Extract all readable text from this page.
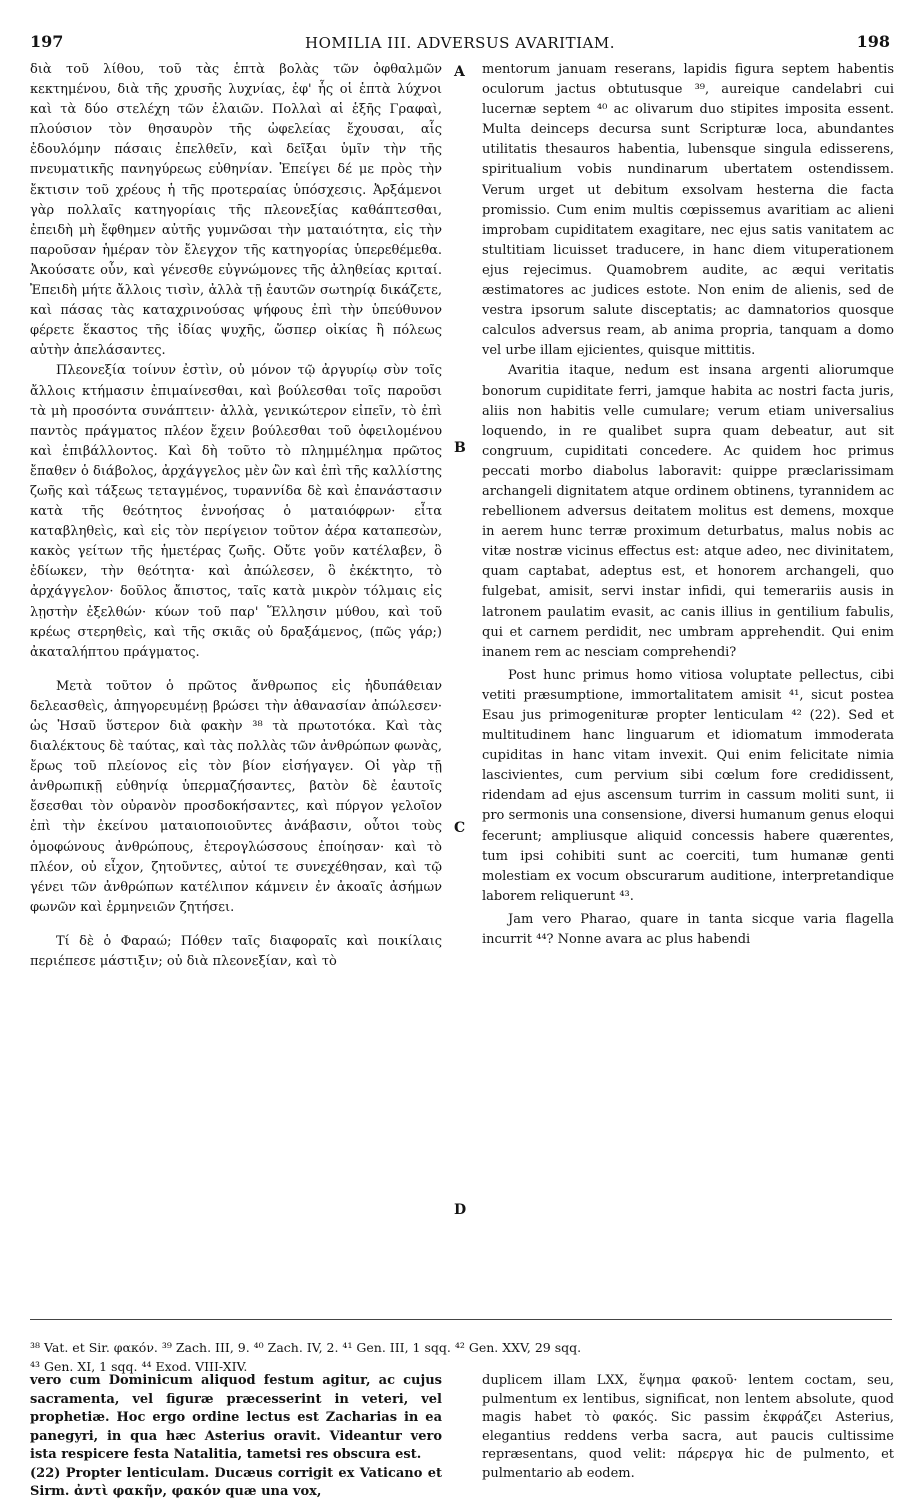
197	HOMILIA III. ADVERSUS AVARITIAM.	198

διὰ τοῦ λίθου, τοῦ τὰς ἑπτὰ βολὰς τῶν ὀφθαλμῶν κεκτημένου, διὰ τῆς χρυσῆς λυχνίας, ἐφ' ἧς οἱ ἑπτὰ λύχνοι καὶ τὰ δύο στελέχη τῶν ἐλαιῶν. Πολλαὶ αἱ ἑξῆς Γραφαὶ, πλούσιον τὸν θησαυρὸν τῆς ὠφελείας ἔχουσαι, αἷς ἐδουλόμην πάσαις ἐπελθεῖν, καὶ δεῖξαι ὑμῖν τὴν τῆς πνευματικῆς πανηγύρεως εὐθηνίαν. Ἐπείγει δέ με πρὸς τὴν ἔκτισιν τοῦ χρέους ἡ τῆς προτεραίας ὑπόσχεσις. Ἀρξάμενοι γὰρ πολλαῖς κατηγορίαις τῆς πλεονεξίας καθάπτεσθαι, ἐπειδὴ μὴ ἔφθημεν αὐτῆς γυμνῶσαι τὴν ματαιότητα, εἰς τὴν παροῦσαν ἡμέραν τὸν ἔλεγχον τῆς κατηγορίας ὑπερεθέμεθα. Ἀκούσατε οὖν, καὶ γένεσθε εὐγνώμονες τῆς ἀληθείας κριταί. Ἐπειδὴ μήτε ἄλλοις τισὶν, ἀλλὰ τῇ ἑαυτῶν σωτηρίᾳ δικάζετε, καὶ πάσας τὰς καταχρινούσας ψήφους ἐπὶ τὴν ὑπεύθυνον φέρετε ἕκαστος τῆς ἰδίας ψυχῆς, ὥσπερ οἰκίας ἢ πόλεως αὐτὴν ἀπελάσαντες.

Πλεονεξία τοίνυν ἐστὶν, οὐ μόνον τῷ ἀργυρίῳ σὺν τοῖς ἄλλοις κτήμασιν ἐπιμαίνεσθαι, καὶ βούλεσθαι τοῖς παροῦσι τὰ μὴ προσόντα συνάπτειν· ἀλλὰ, γενικώτερον εἰπεῖν, τὸ ἐπὶ παντὸς πράγματος πλέον ἔχειν βούλεσθαι τοῦ ὀφειλομένου καὶ ἐπιβάλλοντος. Καὶ δὴ τοῦτο τὸ πλημμέλημα πρῶτος ἔπαθεν ὁ διάβολος, ἀρχάγγελος μὲν ὢν καὶ ἐπὶ τῆς καλλίστης ζωῆς καὶ τάξεως τεταγμένος, τυραννίδα δὲ καὶ ἐπανάστασιν κατὰ τῆς θεότητος ἐννοήσας ὁ ματαιόφρων· εἶτα καταβληθεὶς, καὶ εἰς τὸν περίγειον τοῦτον ἀέρα καταπεσὼν, κακὸς γείτων τῆς ἡμετέρας ζωῆς. Οὔτε γοῦν κατέλαβεν, ὃ ἐδίωκεν, τὴν θεότητα· καὶ ἀπώλεσεν, ὃ ἐκέκτητο, τὸ ἀρχάγγελον· δοῦλος ἄπιστος, ταῖς κατὰ μικρὸν τόλμαις εἰς λῃστὴν ἐξελθών· κύων τοῦ παρ' Ἕλλησιν μύθου, καὶ τοῦ κρέως στερηθεὶς, καὶ τῆς σκιᾶς οὐ δραξάμενος, (πῶς γάρ;) ἀκαταλήπτου πράγματος.

Μετὰ τοῦτον ὁ πρῶτος ἄνθρωπος εἰς ἡδυπάθειαν δελεασθεὶς, ἀπηγορευμένῃ βρώσει τὴν ἀθανασίαν ἀπώλεσεν· ὡς Ἠσαῦ ὕστερον διὰ φακὴν ³⁸ τὰ πρωτοτόκα. Καὶ τὰς διαλέκτους δὲ ταύτας, καὶ τὰς πολλὰς τῶν ἀνθρώπων φωνὰς, ἔρως τοῦ πλείονος εἰς τὸν βίον εἰσήγαγεν. Οἱ γὰρ τῇ ἀνθρωπικῇ εὐθηνίᾳ ὑπερμαζήσαντες, βατὸν δὲ ἑαυτοῖς ἔσεσθαι τὸν οὐρανὸν προσδοκήσαντες, καὶ πύργον γελοῖον ἐπὶ τὴν ἐκείνου ματαιοποιοῦντες ἀνάβασιν, οὗτοι τοὺς ὁμοφώνους ἀνθρώπους, ἑτερογλώσσους ἐποίησαν· καὶ τὸ πλέον, οὐ εἶχον, ζητοῦντες, αὐτοί τε συνεχέθησαν, καὶ τῷ γένει τῶν ἀνθρώπων κατέλιπον κάμνειν ἐν ἀκοαῖς ἀσήμων φωνῶν καὶ ἑρμηνειῶν ζητήσει.

Τί δὲ ὁ Φαραώ; Πόθεν ταῖς διαφοραῖς καὶ ποικίλαις περιέπεσε μάστιξιν; οὐ διὰ πλεονεξίαν, καὶ τὸ

A
B
C
D

mentorum januam reserans, lapidis figura septem habentis oculorum jactus obtutusque ³⁹, aureique candelabri cui lucernæ septem ⁴⁰ ac olivarum duo stipites imposita essent. Multa deinceps decursa sunt Scripturæ loca, abundantes utilitatis thesauros habentia, lubensque singula edisserens, spiritualium vobis nundinarum ubertatem ostendissem. Verum urget ut debitum exsolvam hesterna die facta promissio. Cum enim multis cœpissemus avaritiam ac alieni improbam cupiditatem exagitare, nec ejus satis vanitatem ac stultitiam licuisset traducere, in hanc diem vituperationem ejus rejecimus. Quamobrem audite, ac æqui veritatis æstimatores ac judices estote. Non enim de alienis, sed de vestra ipsorum salute disceptatis; ac damnatorios quosque calculos adversus ream, ab anima propria, tanquam a domo vel urbe illam ejicientes, quisque mittitis.

Avaritia itaque, nedum est insana argenti aliorumque bonorum cupiditate ferri, jamque habita ac nostri facta juris, aliis non habitis velle cumulare; verum etiam universalius loquendo, in re qualibet supra quam debeatur, aut sit congruum, cupiditati concedere. Ac quidem hoc primus peccati morbo diabolus laboravit: quippe præclarissimam archangeli dignitatem atque ordinem obtinens, tyrannidem ac rebellionem adversus deitatem molitus est demens, moxque in aerem hunc terræ proximum deturbatus, malus nobis ac vitæ nostræ vicinus effectus est: atque adeo, nec divinitatem, quam captabat, adeptus est, et honorem archangeli, quo fulgebat, amisit, servi instar infidi, qui temerariis ausis in latronem paulatim evasit, ac canis illius in gentilium fabulis, qui et carnem perdidit, nec umbram apprehendit. Qui enim inanem rem ac nesciam comprehendi?

Post hunc primus homo vitiosa voluptate pellectus, cibi vetiti præsumptione, immortalitatem amisit ⁴¹, sicut postea Esau jus primogenituræ propter lenticulam ⁴² (22). Sed et multitudinem hanc linguarum et idiomatum immoderata cupiditas in hanc vitam invexit. Qui enim felicitate nimia lascivientes, cum pervium sibi cœlum fore credidissent, ridendam ad ejus ascensum turrim in cassum moliti sunt, ii pro sermonis una consensione, diversi humanum genus eloqui fecerunt; ampliusque aliquid concessis habere quærentes, tum ipsi cohibiti sunt ac coerciti, tum humanæ genti molestiam ex vocum obscurarum auditione, interpretandique laborem reliquerunt ⁴³.

Jam vero Pharao, quare in tanta sicque varia flagella incurrit ⁴⁴? Nonne avara ac plus habendi

³⁸ Vat. et Sir. φακόν. ³⁹ Zach. III, 9. ⁴⁰ Zach. IV, 2. ⁴¹ Gen. III, 1 sqq. ⁴² Gen. XXV, 29 sqq.
⁴³ Gen. XI, 1 sqq. ⁴⁴ Exod. VIII-XIV.

vero cum Dominicum aliquod festum agitur, ac cujus sacramenta, vel figuræ præcesserint in veteri, vel prophetiæ. Hoc ergo ordine lectus est Zacharias in ea panegyri, in qua hæc Asterius oravit. Videantur vero ista respicere festa Natalitia, tametsi res obscura est.

(22) Propter lenticulam. Ducæus corrigit ex Vaticano et Sirm. ἀντὶ φακῆν, φακόν quæ una vox,

duplicem illam LXX, ἕψημα φακοῦ· lentem coctam, seu, pulmentum ex lentibus, significat, non lentem absolute, quod magis habet τὸ φακός. Sic passim ἐκφράζει Asterius, elegantius reddens verba sacra, aut paucis cultissime repræsentans, quod velit: πάρεργα hic de pulmento, et pulmentario ab eodem.
